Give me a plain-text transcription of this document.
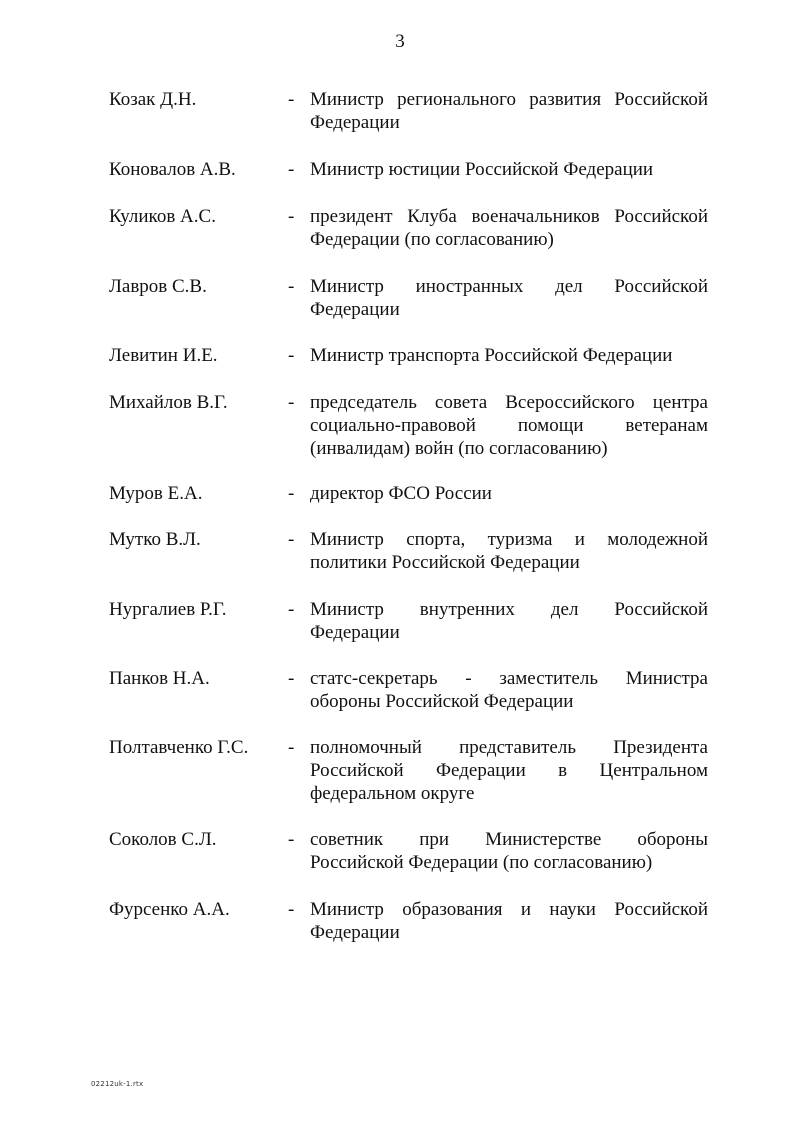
3
Козак Д.Н.	- Министр регионального развития Российской Федерации
Коновалов А.В.	- Министр юстиции Российской Федерации
Куликов А.С.	- президент Клуба военачальников Российской Федерации (по согласованию)
Лавров С.В.	- Министр иностранных дел Российской Федерации
Левитин И.Е.	- Министр транспорта Российской Федерации
Михайлов В.Г.	- председатель совета Всероссийского центра социально-правовой помощи ветеранам (инвалидам) войн (по согласованию)
Муров Е.А.	- директор ФСО России
Мутко В.Л.	- Министр спорта, туризма и молодежной политики Российской Федерации
Нургалиев Р.Г.	- Министр внутренних дел Российской Федерации
Панков Н.А.	- статс-секретарь - заместитель Министра обороны Российской Федерации
Полтавченко Г.С. - полномочный представитель Президента Российской Федерации в Центральном федеральном округе
Соколов С.Л.	- советник при Министерстве обороны Российской Федерации (по согласованию)
Фурсенко А.А.	- Министр образования и науки Российской Федерации
02212uk-1.rtx
